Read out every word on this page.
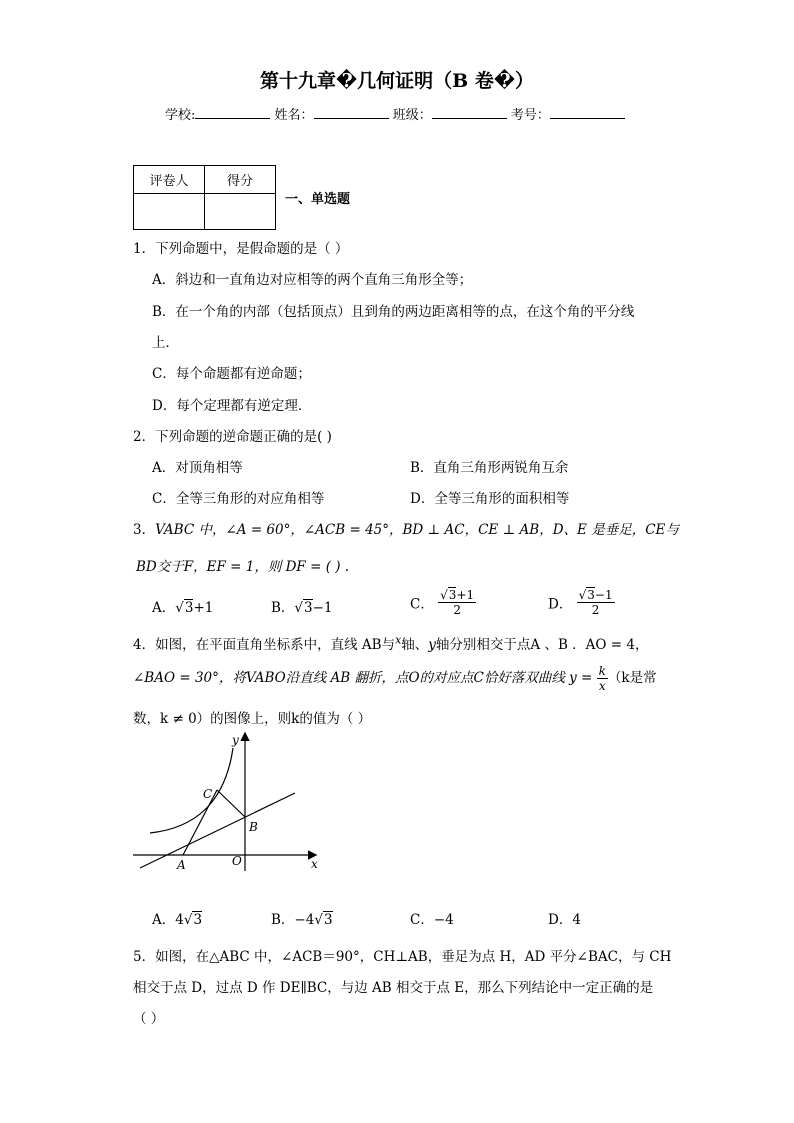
第十九章�几何证明（B 卷�）
学校:	姓名：	班级：	考号：
评卷人	得分

一、单选题
1．下列命题中，是假命题的是（ ）
A．斜边和一直角边对应相等的两个直角三角形全等；
B．在一个角的内部（包括顶点）且到角的两边距离相等的点，在这个角的平分线
上．
C．每个命题都有逆命题；
D．每个定理都有逆定理．
2．下列命题的逆命题正确的是( )
A．对顶角相等	B．直角三角形两锐角互余
C．全等三角形的对应角相等	D．全等三角形的面积相等
3．VABC 中，∠A = 60°，∠ACB = 45°，BD ⊥ AC，CE ⊥ AB，D、E 是垂足，CE与
BD交于F，EF = 1，则 DF = ( ) .
A．√3+1	B．√3−1	C． $\frac{√3+1}{2}$	D． $\frac{√3-1}{2}$
4．如图，在平面直角坐标系中，直线 AB与$^x$轴、y轴分别相交于点A 、B ．AO = 4，
∠BAO = 30°，将VABO沿直线 AB 翻折，点O的对应点C恰好落双曲线 $y = \frac{k}{x} (k$是常
数，k ≠ 0）的图像上，则k的值为（ ）
y
x
C
B
A	O
A．4√3	B．−4√3	C．−4	D．4
5．如图，在△ABC 中，∠ACB＝90°，CH⊥AB，垂足为点 H，AD 平分∠BAC，与 CH
相交于点 D，过点 D 作 DE∥BC，与边 AB 相交于点 E，那么下列结论中一定正确的是
（ ）
